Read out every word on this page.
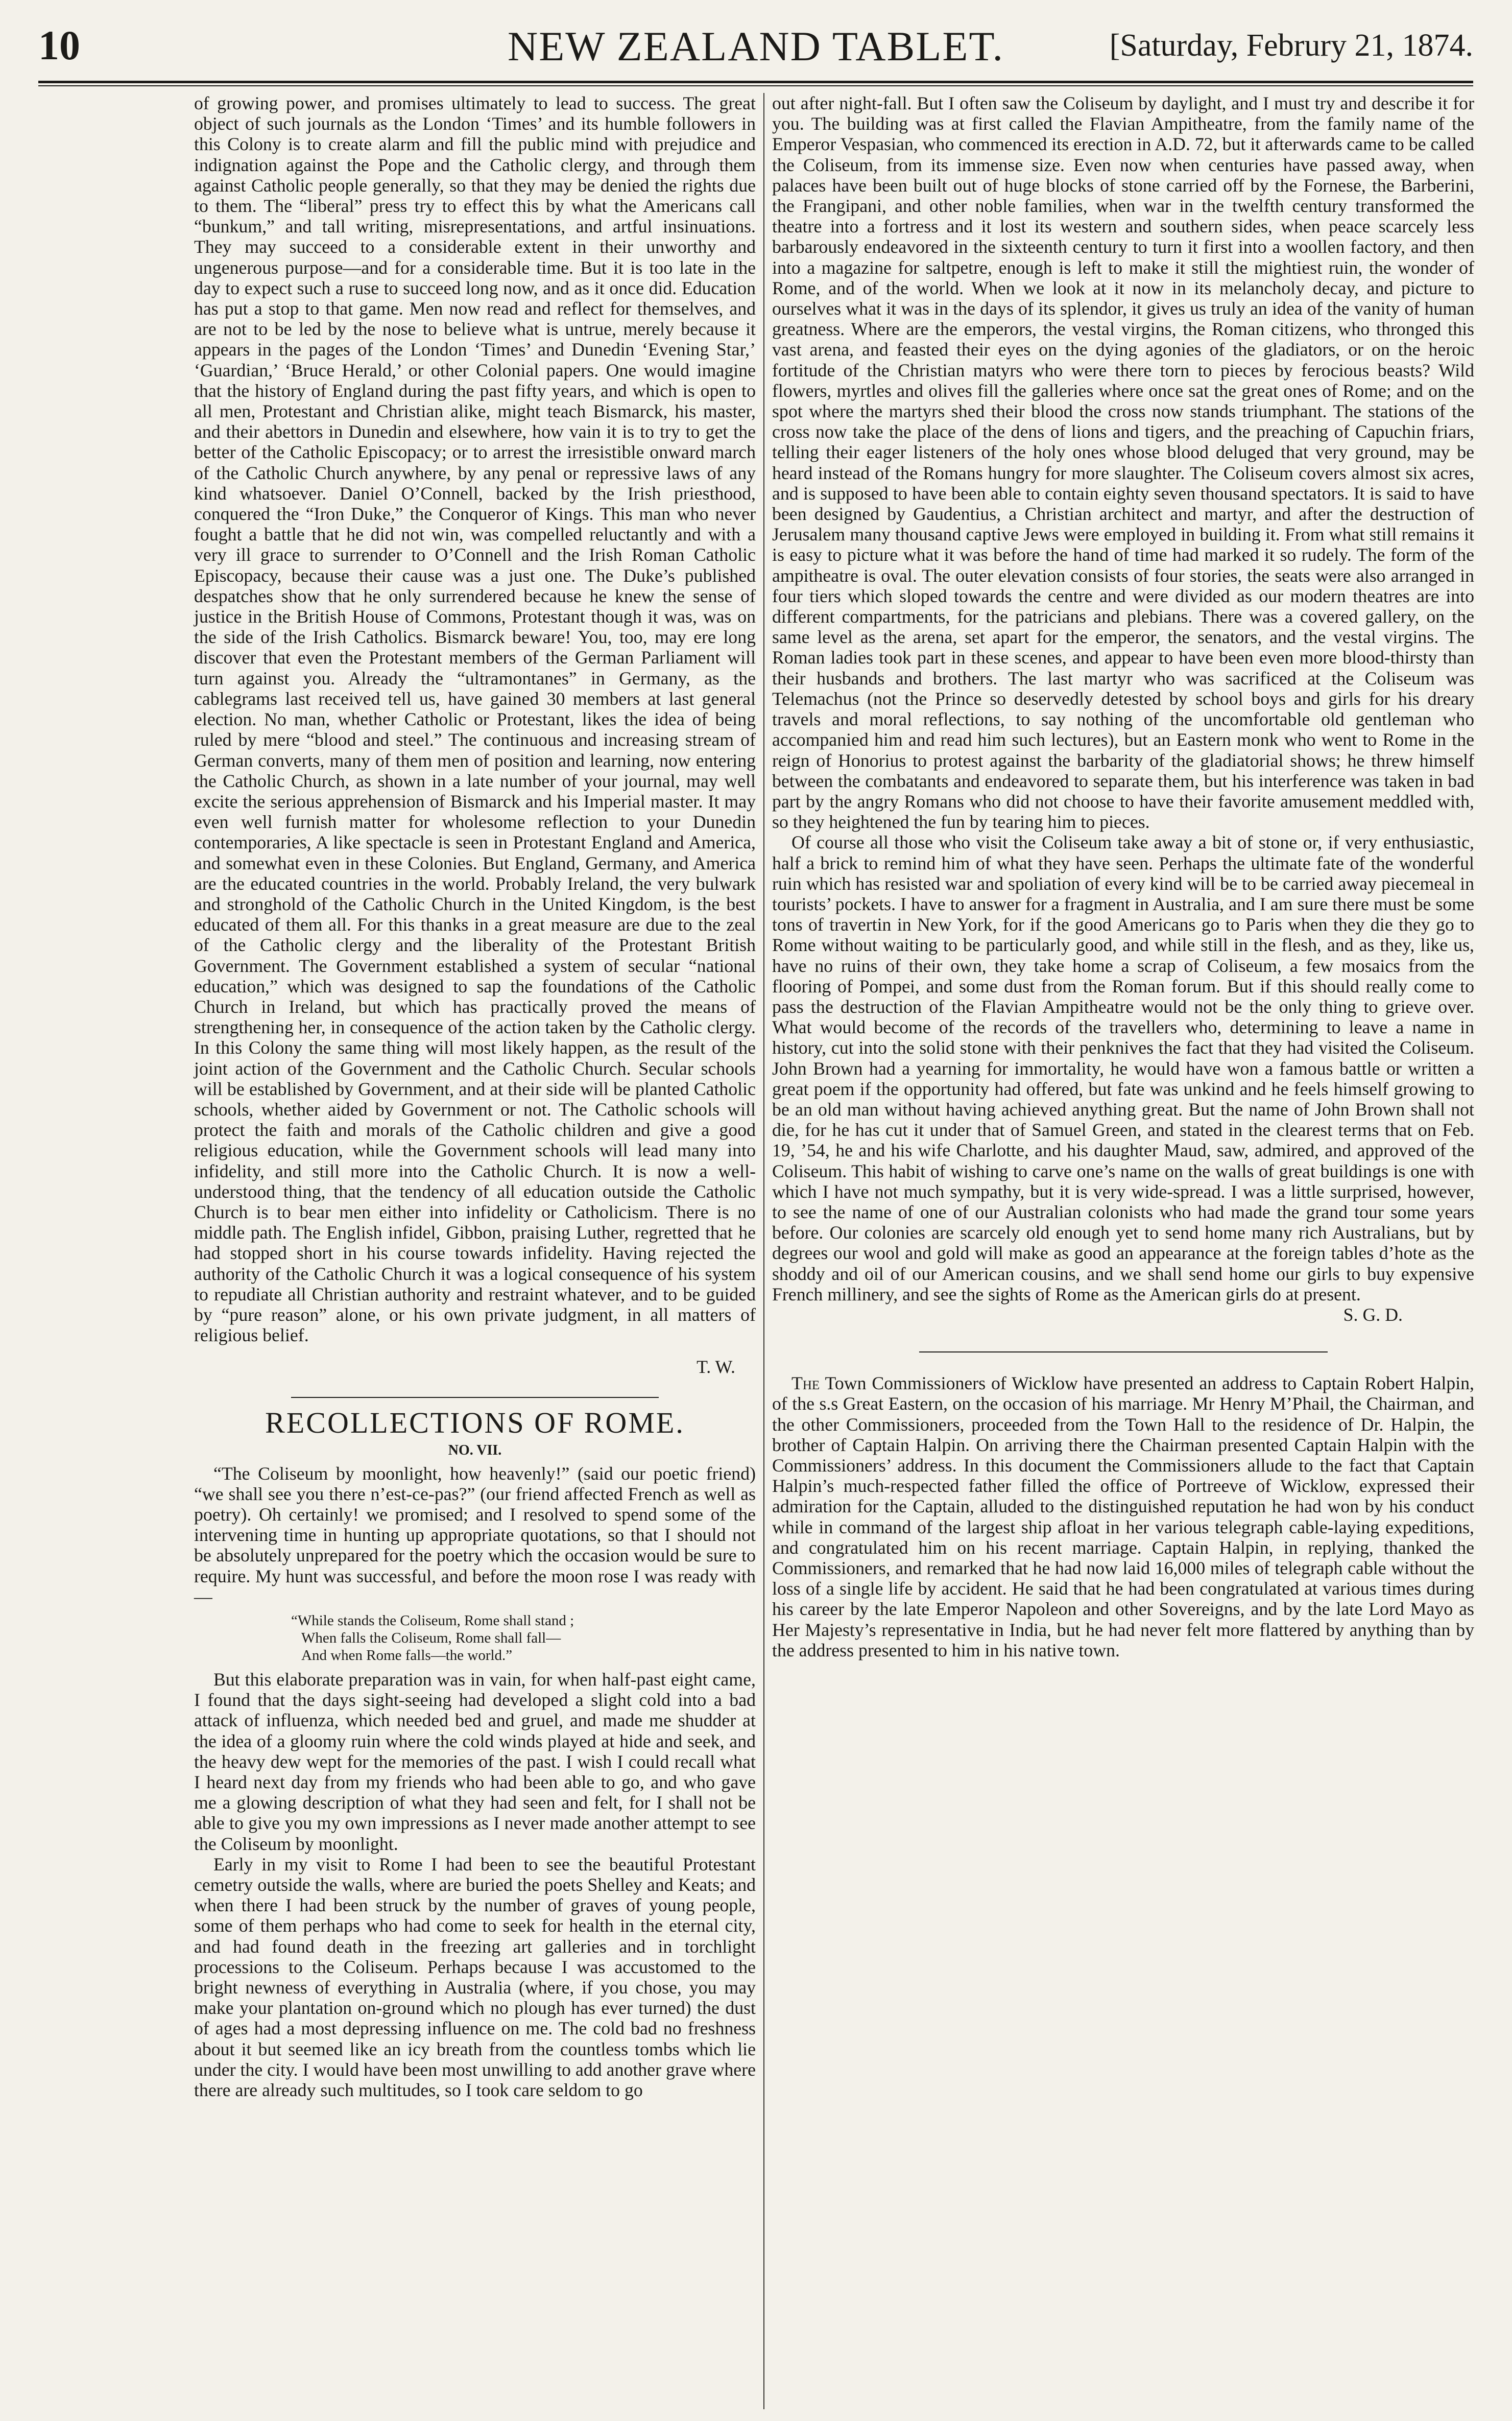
10	NEW ZEALAND TABLET.	[Saturday, Februry 21, 1874.

of growing power, and promises ultimately to lead to success. The great object of such journals as the London ‘Times’ and its humble followers in this Colony is to create alarm and fill the public mind with prejudice and indignation against the Pope and the Catholic clergy, and through them against Catholic people generally, so that they may be denied the rights due to them. The “liberal” press try to effect this by what the Americans call “bunkum,” and tall writing, misrepresentations, and artful insinuations. They may succeed to a considerable extent in their unworthy and ungenerous purpose—and for a considerable time. But it is too late in the day to expect such a ruse to succeed long now, and as it once did. Education has put a stop to that game. Men now read and reflect for themselves, and are not to be led by the nose to believe what is untrue, merely because it appears in the pages of the London ‘Times’ and Dunedin ‘Evening Star,’ ‘Guardian,’ ‘Bruce Herald,’ or other Colonial papers. One would imagine that the history of England during the past fifty years, and which is open to all men, Protestant and Christian alike, might teach Bismarck, his master, and their abettors in Dunedin and elsewhere, how vain it is to try to get the better of the Catholic Episcopacy; or to arrest the irresistible onward march of the Catholic Church anywhere, by any penal or repressive laws of any kind whatsoever. Daniel O’Connell, backed by the Irish priesthood, conquered the “Iron Duke,” the Conqueror of Kings. This man who never fought a battle that he did not win, was compelled reluctantly and with a very ill grace to surrender to O’Connell and the Irish Roman Catholic Episcopacy, because their cause was a just one. The Duke’s published despatches show that he only surrendered because he knew the sense of justice in the British House of Commons, Protestant though it was, was on the side of the Irish Catholics. Bismarck beware! You, too, may ere long discover that even the Protestant members of the German Parliament will turn against you. Already the “ultramontanes” in Germany, as the cablegrams last received tell us, have gained 30 members at last general election. No man, whether Catholic or Protestant, likes the idea of being ruled by mere “blood and steel.” The continuous and increasing stream of German converts, many of them men of position and learning, now entering the Catholic Church, as shown in a late number of your journal, may well excite the serious apprehension of Bismarck and his Imperial master. It may even well furnish matter for wholesome reflection to your Dunedin contemporaries, A like spectacle is seen in Protestant England and America, and somewhat even in these Colonies. But England, Germany, and America are the educated countries in the world. Probably Ireland, the very bulwark and stronghold of the Catholic Church in the United Kingdom, is the best educated of them all. For this thanks in a great measure are due to the zeal of the Catholic clergy and the liberality of the Protestant British Government. The Government established a system of secular “national education,” which was designed to sap the foundations of the Catholic Church in Ireland, but which has practically proved the means of strengthening her, in consequence of the action taken by the Catholic clergy. In this Colony the same thing will most likely happen, as the result of the joint action of the Government and the Catholic Church. Secular schools will be established by Government, and at their side will be planted Catholic schools, whether aided by Government or not. The Catholic schools will protect the faith and morals of the Catholic children and give a good religious education, while the Government schools will lead many into infidelity, and still more into the Catholic Church. It is now a well-understood thing, that the tendency of all education outside the Catholic Church is to bear men either into infidelity or Catholicism. There is no middle path. The English infidel, Gibbon, praising Luther, regretted that he had stopped short in his course towards infidelity. Having rejected the authority of the Catholic Church it was a logical consequence of his system to repudiate all Christian authority and restraint whatever, and to be guided by “pure reason” alone, or his own private judgment, in all matters of religious belief.

T. W.

RECOLLECTIONS OF ROME.
NO. VII.

“The Coliseum by moonlight, how heavenly!” (said our poetic friend) “we shall see you there n’est-ce-pas?” (our friend affected French as well as poetry). Oh certainly! we promised; and I resolved to spend some of the intervening time in hunting up appropriate quotations, so that I should not be absolutely unprepared for the poetry which the occasion would be sure to require. My hunt was successful, and before the moon rose I was ready with—

“While stands the Coliseum, Rome shall stand ;
When falls the Coliseum, Rome shall fall—
And when Rome falls—the world.”

But this elaborate preparation was in vain, for when half-past eight came, I found that the days sight-seeing had developed a slight cold into a bad attack of influenza, which needed bed and gruel, and made me shudder at the idea of a gloomy ruin where the cold winds played at hide and seek, and the heavy dew wept for the memories of the past. I wish I could recall what I heard next day from my friends who had been able to go, and who gave me a glowing description of what they had seen and felt, for I shall not be able to give you my own impressions as I never made another attempt to see the Coliseum by moonlight.

Early in my visit to Rome I had been to see the beautiful Protestant cemetry outside the walls, where are buried the poets Shelley and Keats; and when there I had been struck by the number of graves of young people, some of them perhaps who had come to seek for health in the eternal city, and had found death in the freezing art galleries and in torchlight processions to the Coliseum. Perhaps because I was accustomed to the bright newness of everything in Australia (where, if you chose, you may make your plantation on-ground which no plough has ever turned) the dust of ages had a most depressing influence on me. The cold bad no freshness about it but seemed like an icy breath from the countless tombs which lie under the city. I would have been most unwilling to add another grave where there are already such multitudes, so I took care seldom to go

out after night-fall. But I often saw the Coliseum by daylight, and I must try and describe it for you. The building was at first called the Flavian Ampitheatre, from the family name of the Emperor Vespasian, who commenced its erection in A.D. 72, but it afterwards came to be called the Coliseum, from its immense size. Even now when centuries have passed away, when palaces have been built out of huge blocks of stone carried off by the Fornese, the Barberini, the Frangipani, and other noble families, when war in the twelfth century transformed the theatre into a fortress and it lost its western and southern sides, when peace scarcely less barbarously endeavored in the sixteenth century to turn it first into a woollen factory, and then into a magazine for saltpetre, enough is left to make it still the mightiest ruin, the wonder of Rome, and of the world. When we look at it now in its melancholy decay, and picture to ourselves what it was in the days of its splendor, it gives us truly an idea of the vanity of human greatness. Where are the emperors, the vestal virgins, the Roman citizens, who thronged this vast arena, and feasted their eyes on the dying agonies of the gladiators, or on the heroic fortitude of the Christian matyrs who were there torn to pieces by ferocious beasts? Wild flowers, myrtles and olives fill the galleries where once sat the great ones of Rome; and on the spot where the martyrs shed their blood the cross now stands triumphant. The stations of the cross now take the place of the dens of lions and tigers, and the preaching of Capuchin friars, telling their eager listeners of the holy ones whose blood deluged that very ground, may be heard instead of the Romans hungry for more slaughter. The Coliseum covers almost six acres, and is supposed to have been able to contain eighty seven thousand spectators. It is said to have been designed by Gaudentius, a Christian architect and martyr, and after the destruction of Jerusalem many thousand captive Jews were employed in building it. From what still remains it is easy to picture what it was before the hand of time had marked it so rudely. The form of the ampitheatre is oval. The outer elevation consists of four stories, the seats were also arranged in four tiers which sloped towards the centre and were divided as our modern theatres are into different compartments, for the patricians and plebians. There was a covered gallery, on the same level as the arena, set apart for the emperor, the senators, and the vestal virgins. The Roman ladies took part in these scenes, and appear to have been even more blood-thirsty than their husbands and brothers. The last martyr who was sacrificed at the Coliseum was Telemachus (not the Prince so deservedly detested by school boys and girls for his dreary travels and moral reflections, to say nothing of the uncomfortable old gentleman who accompanied him and read him such lectures), but an Eastern monk who went to Rome in the reign of Honorius to protest against the barbarity of the gladiatorial shows; he threw himself between the combatants and endeavored to separate them, but his interference was taken in bad part by the angry Romans who did not choose to have their favorite amusement meddled with, so they heightened the fun by tearing him to pieces.

Of course all those who visit the Coliseum take away a bit of stone or, if very enthusiastic, half a brick to remind him of what they have seen. Perhaps the ultimate fate of the wonderful ruin which has resisted war and spoliation of every kind will be to be carried away piecemeal in tourists’ pockets. I have to answer for a fragment in Australia, and I am sure there must be some tons of travertin in New York, for if the good Americans go to Paris when they die they go to Rome without waiting to be particularly good, and while still in the flesh, and as they, like us, have no ruins of their own, they take home a scrap of Coliseum, a few mosaics from the flooring of Pompei, and some dust from the Roman forum. But if this should really come to pass the destruction of the Flavian Ampitheatre would not be the only thing to grieve over. What would become of the records of the travellers who, determining to leave a name in history, cut into the solid stone with their penknives the fact that they had visited the Coliseum. John Brown had a yearning for immortality, he would have won a famous battle or written a great poem if the opportunity had offered, but fate was unkind and he feels himself growing to be an old man without having achieved anything great. But the name of John Brown shall not die, for he has cut it under that of Samuel Green, and stated in the clearest terms that on Feb. 19, ’54, he and his wife Charlotte, and his daughter Maud, saw, admired, and approved of the Coliseum. This habit of wishing to carve one’s name on the walls of great buildings is one with which I have not much sympathy, but it is very wide-spread. I was a little surprised, however, to see the name of one of our Australian colonists who had made the grand tour some years before. Our colonies are scarcely old enough yet to send home many rich Australians, but by degrees our wool and gold will make as good an appearance at the foreign tables d’hote as the shoddy and oil of our American cousins, and we shall send home our girls to buy expensive French millinery, and see the sights of Rome as the American girls do at present.

S. G. D.

The Town Commissioners of Wicklow have presented an address to Captain Robert Halpin, of the s.s Great Eastern, on the occasion of his marriage. Mr Henry M’Phail, the Chairman, and the other Commissioners, proceeded from the Town Hall to the residence of Dr. Halpin, the brother of Captain Halpin. On arriving there the Chairman presented Captain Halpin with the Commissioners’ address. In this document the Commissioners allude to the fact that Captain Halpin’s much-respected father filled the office of Portreeve of Wicklow, expressed their admiration for the Captain, alluded to the distinguished reputation he had won by his conduct while in command of the largest ship afloat in her various telegraph cable-laying expeditions, and congratulated him on his recent marriage. Captain Halpin, in replying, thanked the Commissioners, and remarked that he had now laid 16,000 miles of telegraph cable without the loss of a single life by accident. He said that he had been congratulated at various times during his career by the late Emperor Napoleon and other Sovereigns, and by the late Lord Mayo as Her Majesty’s representative in India, but he had never felt more flattered by anything than by the address presented to him in his native town.
